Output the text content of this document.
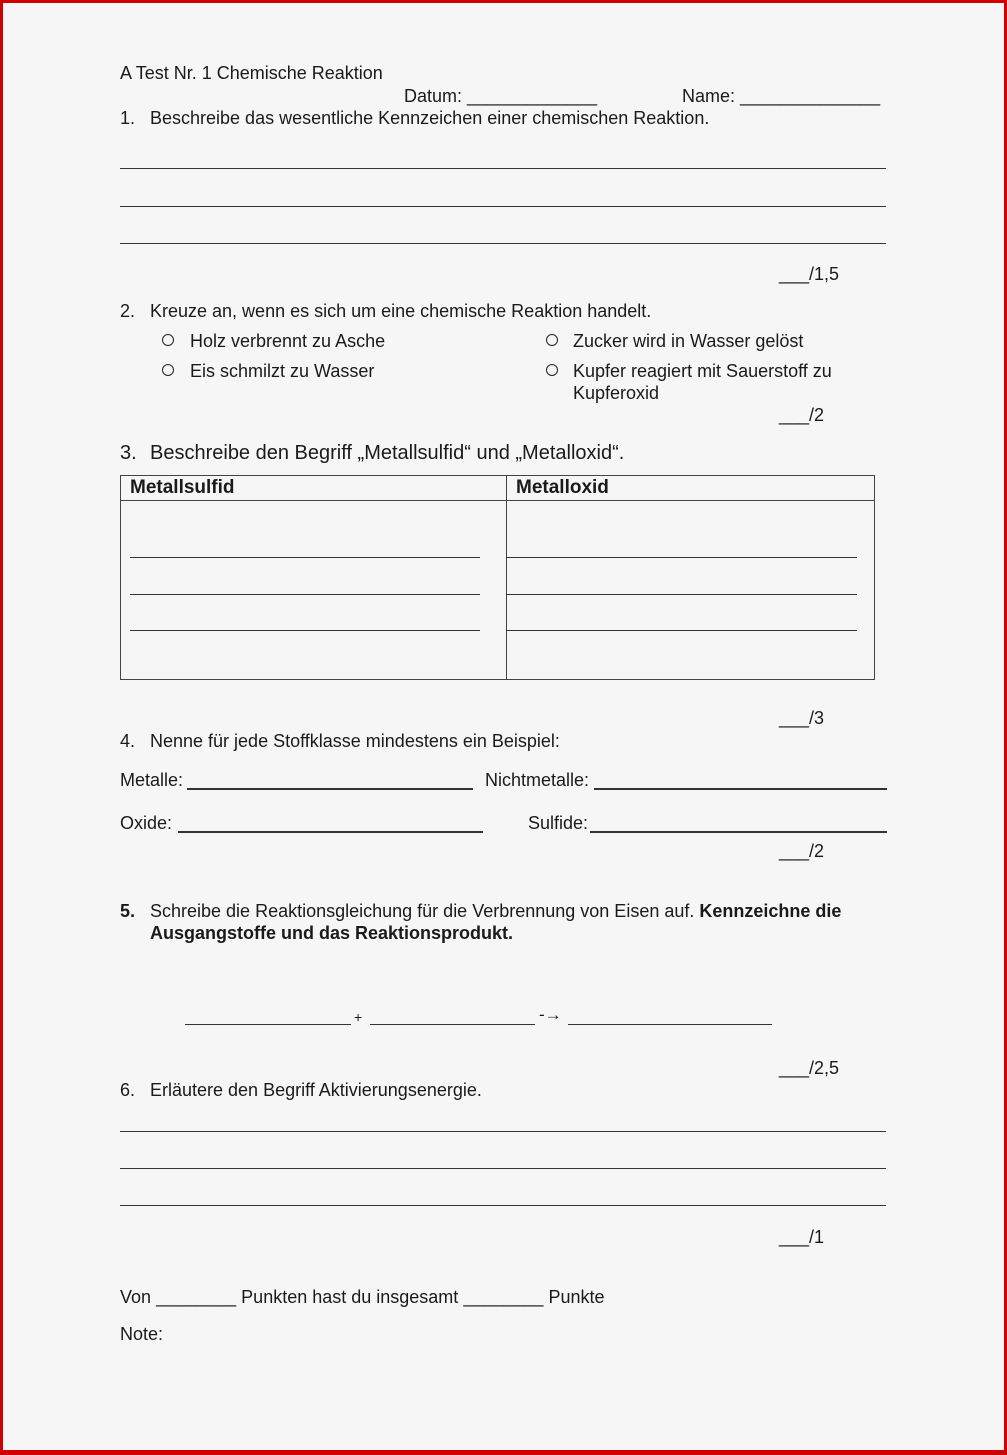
A Test Nr. 1 Chemische Reaktion
Datum: _____________	Name: ______________
1. Beschreibe das wesentliche Kennzeichen einer chemischen Reaktion.
___/1,5
2. Kreuze an, wenn es sich um eine chemische Reaktion handelt.
Holz verbrennt zu Asche	Zucker wird in Wasser gelöst
Eis schmilzt zu Wasser	Kupfer reagiert mit Sauerstoff zu
Kupferoxid
___/2
3. Beschreibe den Begriff „Metallsulfid“ und „Metalloxid“.
Metallsulfid	Metalloxid

___/3
4. Nenne für jede Stoffklasse mindestens ein Beispiel:
Metalle:	Nichtmetalle:
Oxide:	Sulfide:
___/2
5. Schreibe die Reaktionsgleichung für die Verbrennung von Eisen auf. Kennzeichne die
Ausgangstoffe und das Reaktionsprodukt.
+	-→
___/2,5
6. Erläutere den Begriff Aktivierungsenergie.
___/1
Von ________ Punkten hast du insgesamt ________ Punkte
Note:
